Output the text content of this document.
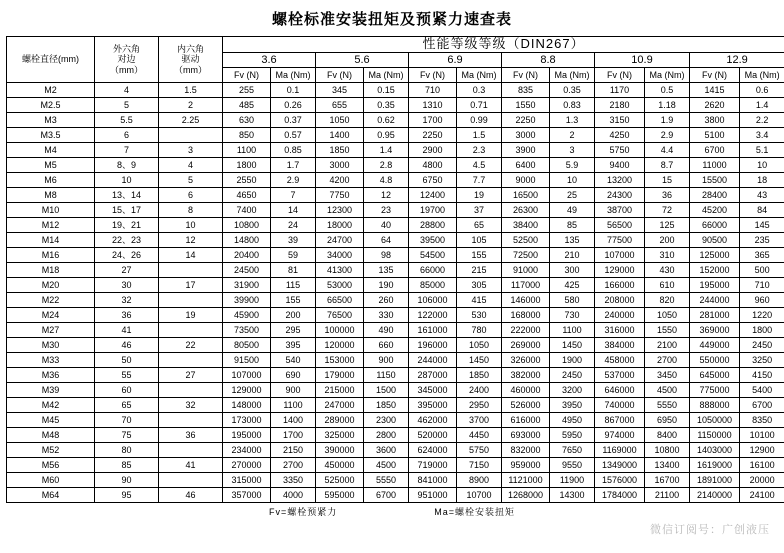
螺栓标准安装扭矩及预紧力速查表
螺栓直径(mm)	
外六角
对边
（mm）

内六角
驱动
（mm）
	性能等级等级（DIN267）
			3.6		5.6		6.9		8.8		10.9		12.9	
			Fv (N)	Ma (Nm)	Fv (N)	Ma (Nm)	Fv (N)	Ma (Nm)	Fv (N)	Ma (Nm)	Fv (N)	Ma (Nm)	Fv (N)	Ma (Nm)
M2	4	1.5	255	0.1	345	0.15	710	0.3	835	0.35	1170	0.5	1415	0.6
M2.5	5	2	485	0.26	655	0.35	1310	0.71	1550	0.83	2180	1.18	2620	1.4
M3	5.5	2.25	630	0.37	1050	0.62	1700	0.99	2250	1.3	3150	1.9	3800	2.2
M3.5	6		850	0.57	1400	0.95	2250	1.5	3000	2	4250	2.9	5100	3.4
M4	7	3	1100	0.85	1850	1.4	2900	2.3	3900	3	5750	4.4	6700	5.1
M5	8、9	4	1800	1.7	3000	2.8	4800	4.5	6400	5.9	9400	8.7	11000	10
M6	10	5	2550	2.9	4200	4.8	6750	7.7	9000	10	13200	15	15500	18
M8	13、14	6	4650	7	7750	12	12400	19	16500	25	24300	36	28400	43
M10	15、17	8	7400	14	12300	23	19700	37	26300	49	38700	72	45200	84
M12	19、21	10	10800	24	18000	40	28800	65	38400	85	56500	125	66000	145
M14	22、23	12	14800	39	24700	64	39500	105	52500	135	77500	200	90500	235
M16	24、26	14	20400	59	34000	98	54500	155	72500	210	107000	310	125000	365
M18	27		24500	81	41300	135	66000	215	91000	300	129000	430	152000	500
M20	30	17	31900	115	53000	190	85000	305	117000	425	166000	610	195000	710
M22	32		39900	155	66500	260	106000	415	146000	580	208000	820	244000	960
M24	36	19	45900	200	76500	330	122000	530	168000	730	240000	1050	281000	1220
M27	41		73500	295	100000	490	161000	780	222000	1100	316000	1550	369000	1800
M30	46	22	80500	395	120000	660	196000	1050	269000	1450	384000	2100	449000	2450
M33	50		91500	540	153000	900	244000	1450	326000	1900	458000	2700	550000	3250
M36	55	27	107000	690	179000	1150	287000	1850	382000	2450	537000	3450	645000	4150
M39	60		129000	900	215000	1500	345000	2400	460000	3200	646000	4500	775000	5400
M42	65	32	148000	1100	247000	1850	395000	2950	526000	3950	740000	5550	888000	6700
M45	70		173000	1400	289000	2300	462000	3700	616000	4950	867000	6950	1050000	8350
M48	75	36	195000	1700	325000	2800	520000	4450	693000	5950	974000	8400	1150000	10100
M52	80		234000	2150	390000	3600	624000	5750	832000	7650	1169000	10800	1403000	12900
M56	85	41	270000	2700	450000	4500	719000	7150	959000	9550	1349000	13400	1619000	16100
M60	90		315000	3350	525000	5550	841000	8900	1121000	11900	1576000	16700	1891000	20000
M64	95	46	357000	4000	595000	6700	951000	10700	1268000	14300	1784000	21100	2140000	24100
Fv=螺栓预紧力	Ma=螺栓安装扭矩
微信订阅号：广创液压
